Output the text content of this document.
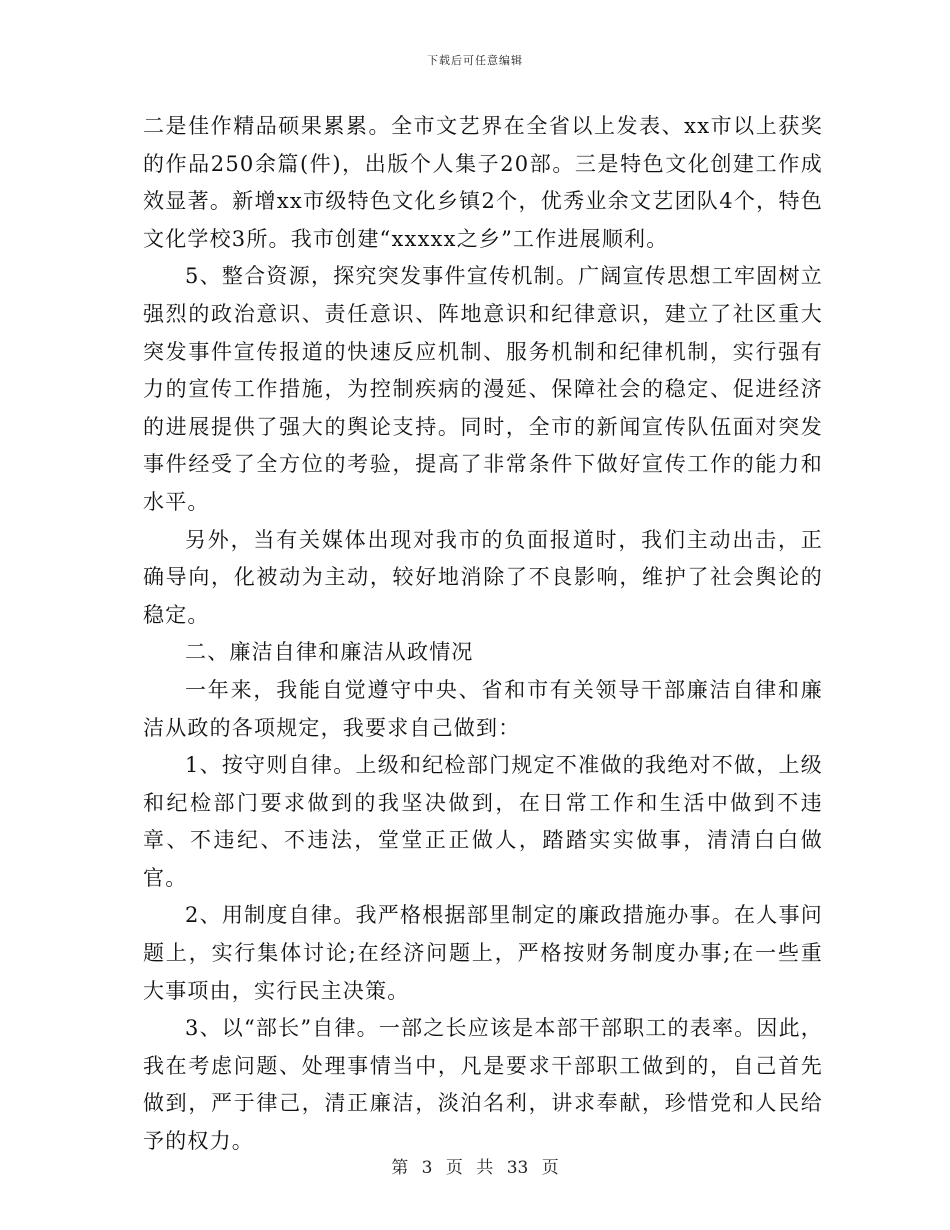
下载后可任意编辑

二是佳作精品硕果累累。全市文艺界在全省以上发表、xx市以上获奖的作品250余篇(件)，出版个人集子20部。三是特色文化创建工作成效显著。新增xx市级特色文化乡镇2个，优秀业余文艺团队4个，特色文化学校3所。我市创建“xxxxx之乡”工作进展顺利。

5、整合资源，探究突发事件宣传机制。广阔宣传思想工牢固树立强烈的政治意识、责任意识、阵地意识和纪律意识，建立了社区重大突发事件宣传报道的快速反应机制、服务机制和纪律机制，实行强有力的宣传工作措施，为控制疾病的漫延、保障社会的稳定、促进经济的进展提供了强大的舆论支持。同时，全市的新闻宣传队伍面对突发事件经受了全方位的考验，提高了非常条件下做好宣传工作的能力和水平。

另外，当有关媒体出现对我市的负面报道时，我们主动出击，正确导向，化被动为主动，较好地消除了不良影响，维护了社会舆论的稳定。

二、廉洁自律和廉洁从政情况

一年来，我能自觉遵守中央、省和市有关领导干部廉洁自律和廉洁从政的各项规定，我要求自己做到：

1、按守则自律。上级和纪检部门规定不准做的我绝对不做，上级和纪检部门要求做到的我坚决做到，在日常工作和生活中做到不违章、不违纪、不违法，堂堂正正做人，踏踏实实做事，清清白白做官。

2、用制度自律。我严格根据部里制定的廉政措施办事。在人事问题上，实行集体讨论;在经济问题上，严格按财务制度办事;在一些重大事项由，实行民主决策。

3、以“部长”自律。一部之长应该是本部干部职工的表率。因此，我在考虑问题、处理事情当中，凡是要求干部职工做到的，自己首先做到，严于律己，清正廉洁，淡泊名利，讲求奉献，珍惜党和人民给予的权力。

第 3 页 共 33 页
